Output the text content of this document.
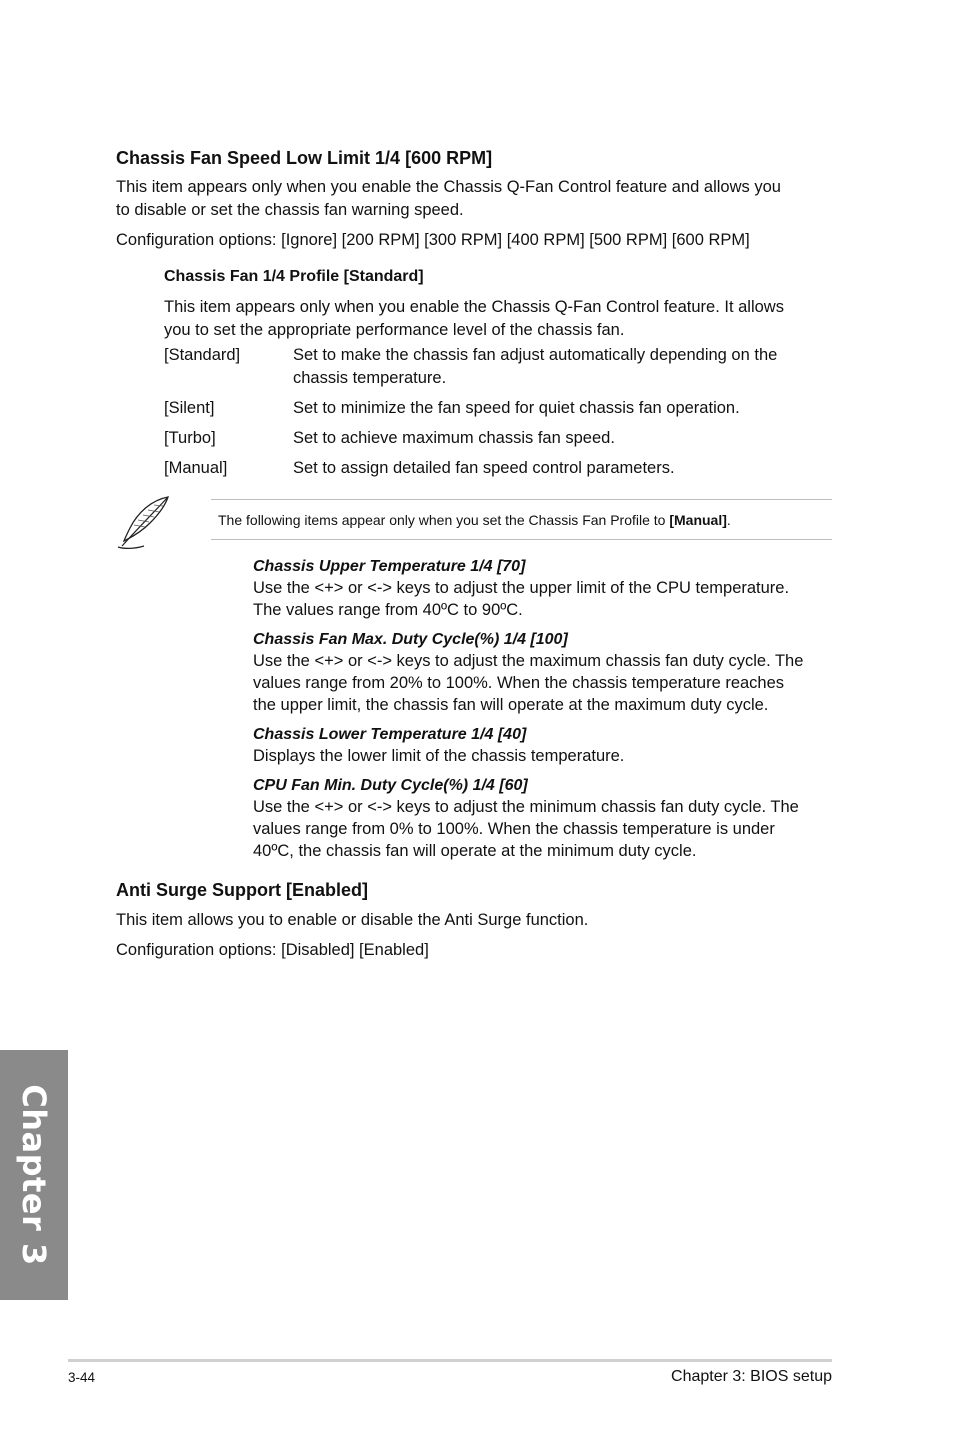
Chassis Fan Speed Low Limit 1/4 [600 RPM]
This item appears only when you enable the Chassis Q-Fan Control feature and allows you
to disable or set the chassis fan warning speed.
Configuration options: [Ignore] [200 RPM] [300 RPM] [400 RPM] [500 RPM] [600 RPM]
Chassis Fan 1/4 Profile [Standard]
This item appears only when you enable the Chassis Q-Fan Control feature. It allows
you to set the appropriate performance level of the chassis fan.
[Standard]	Set to make the chassis fan adjust automatically depending on the
chassis temperature.
[Silent]	Set to minimize the fan speed for quiet chassis fan operation.
[Turbo]	Set to achieve maximum chassis fan speed.
[Manual]	Set to assign detailed fan speed control parameters.
The following items appear only when you set the Chassis Fan Profile to [Manual].
Chassis Upper Temperature 1/4 [70]
Use the <+> or <-> keys to adjust the upper limit of the CPU temperature.
The values range from 40ºC to 90ºC.
Chassis Fan Max. Duty Cycle(%) 1/4 [100]
Use the <+> or <-> keys to adjust the maximum chassis fan duty cycle. The
values range from 20% to 100%. When the chassis temperature reaches
the upper limit, the chassis fan will operate at the maximum duty cycle.
Chassis Lower Temperature 1/4 [40]
Displays the lower limit of the chassis temperature.
CPU Fan Min. Duty Cycle(%) 1/4 [60]
Use the <+> or <-> keys to adjust the minimum chassis fan duty cycle. The
values range from 0% to 100%. When the chassis temperature is under
40ºC, the chassis fan will operate at the minimum duty cycle.
Anti Surge Support [Enabled]
This item allows you to enable or disable the Anti Surge function.
Configuration options: [Disabled] [Enabled]
Chapter 3
3-44	Chapter 3: BIOS setup
